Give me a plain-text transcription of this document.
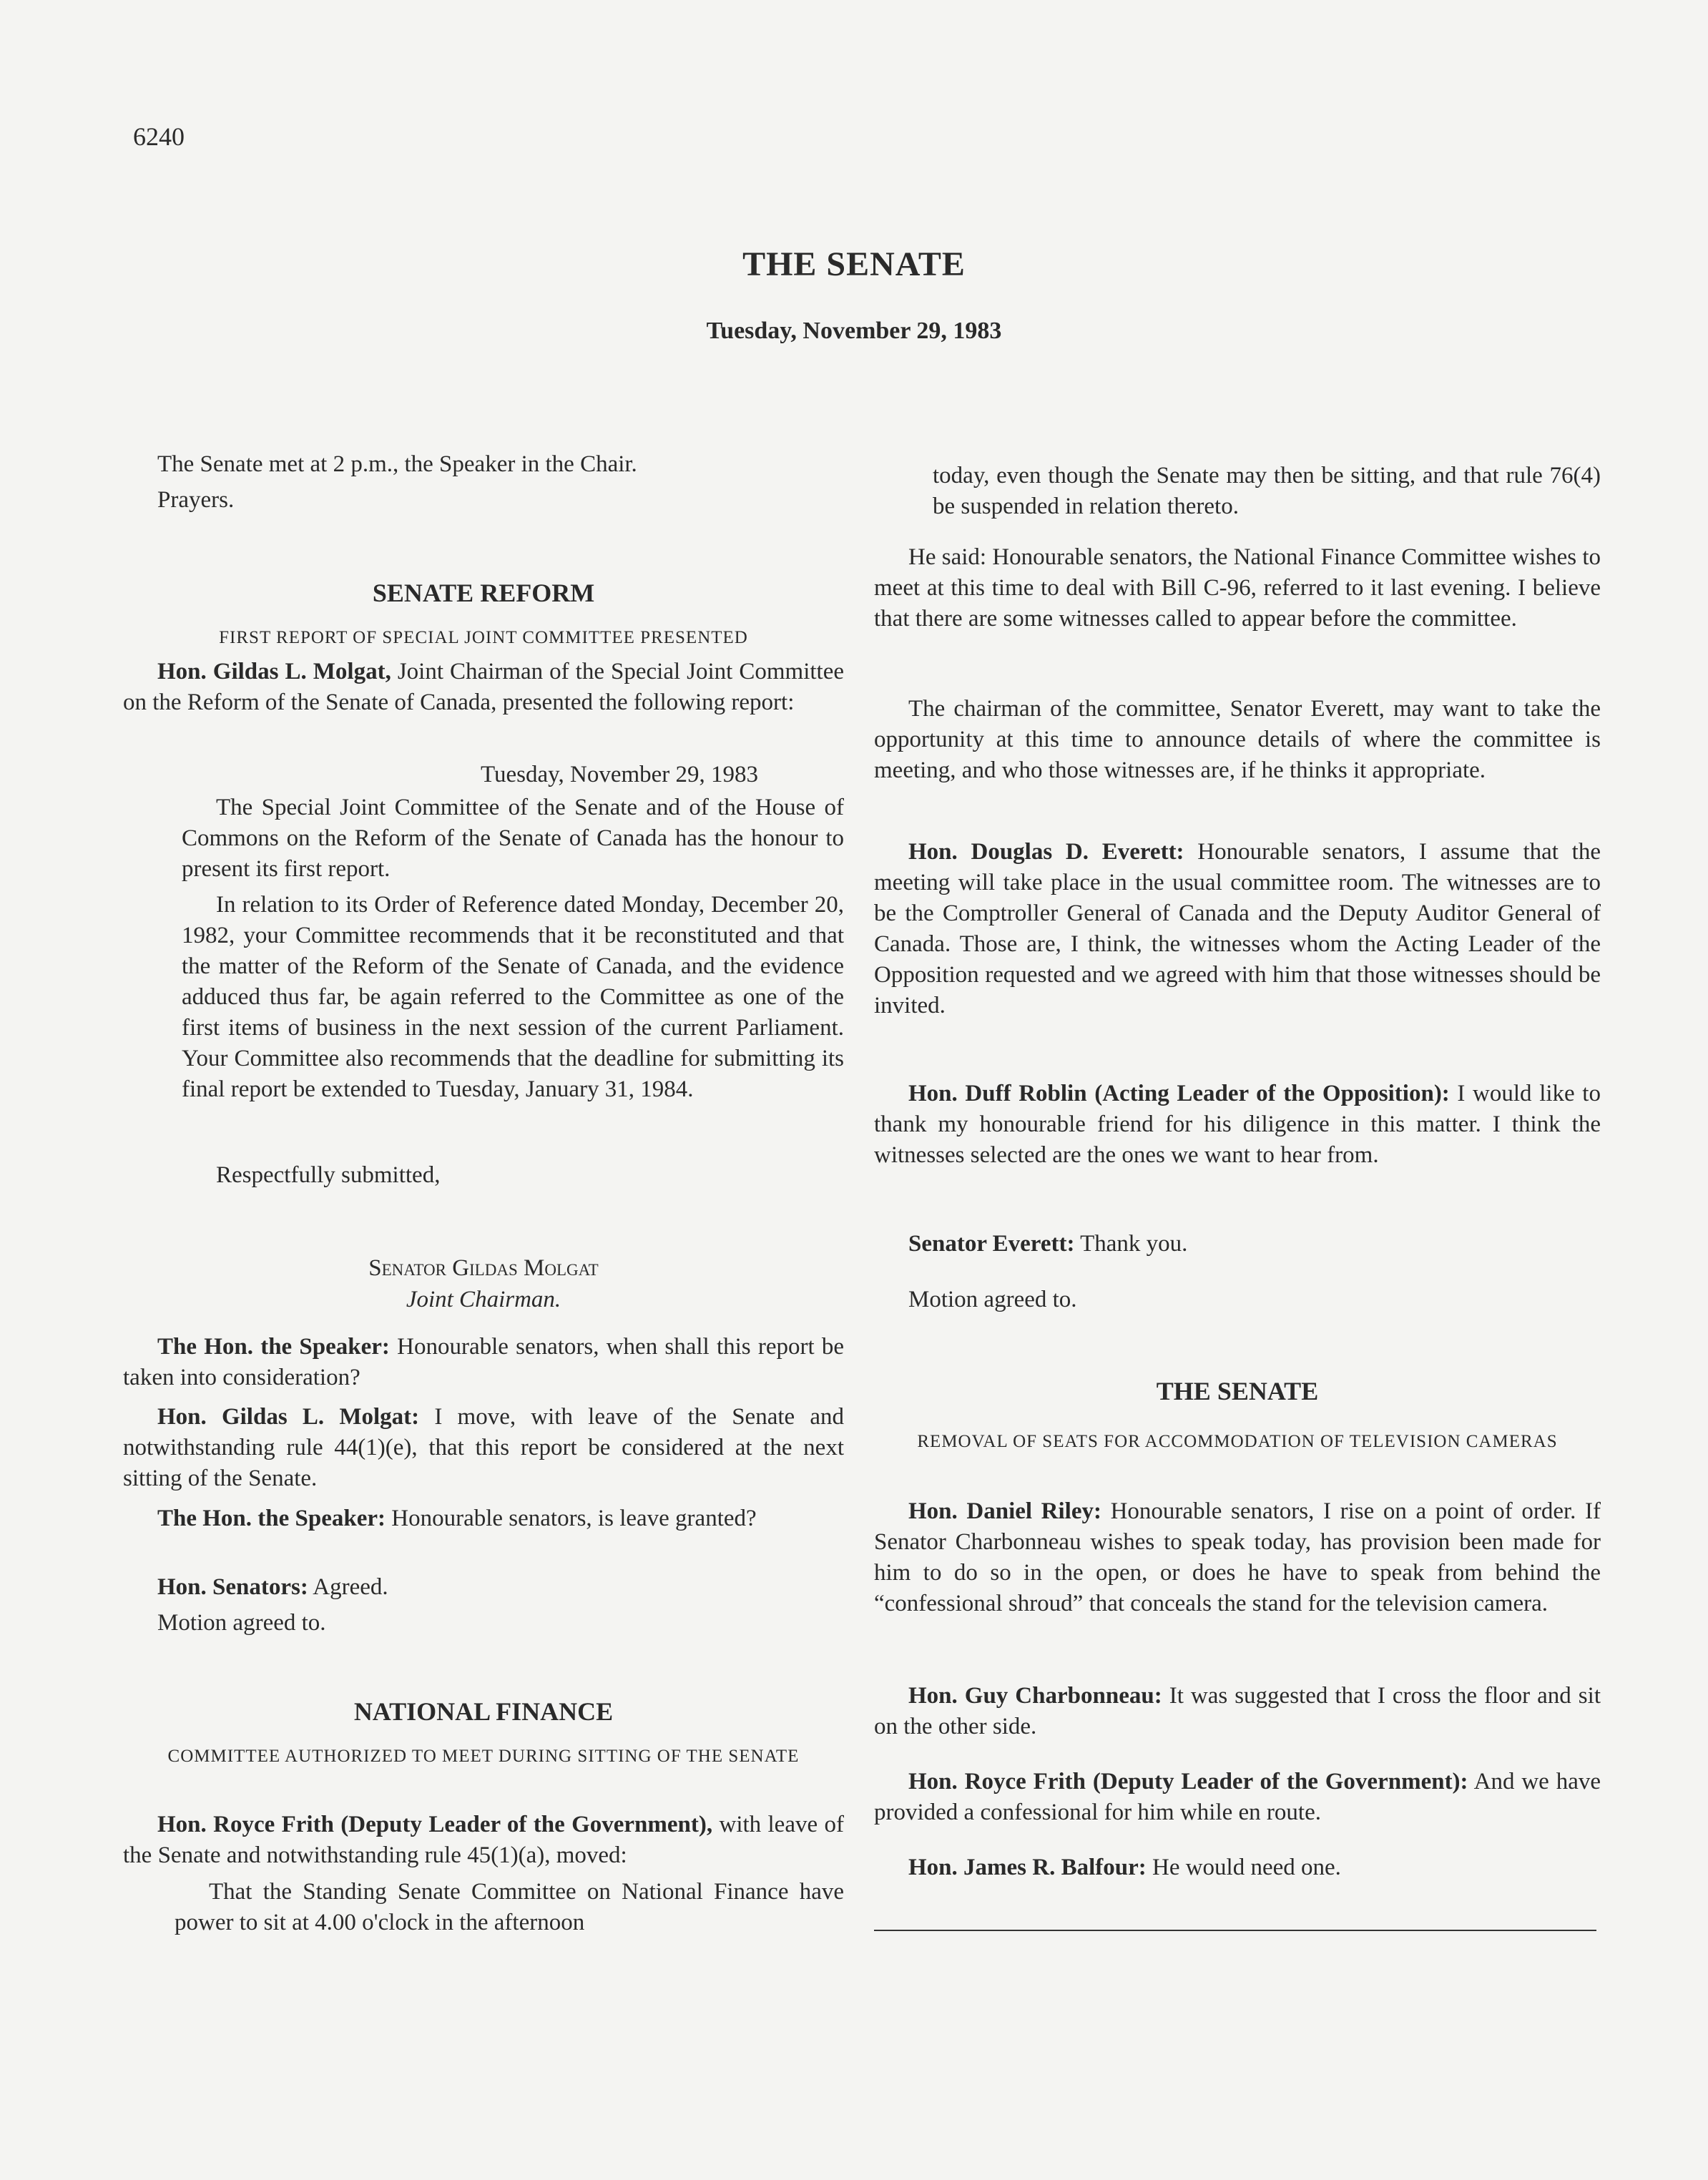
6240
THE SENATE
Tuesday, November 29, 1983

The Senate met at 2 p.m., the Speaker in the Chair.

Prayers.

SENATE REFORM
FIRST REPORT OF SPECIAL JOINT COMMITTEE PRESENTED

Hon. Gildas L. Molgat, Joint Chairman of the Special Joint Committee on the Reform of the Senate of Canada, presented the following report:

Tuesday, November 29, 1983

The Special Joint Committee of the Senate and of the House of Commons on the Reform of the Senate of Canada has the honour to present its first report.

In relation to its Order of Reference dated Monday, December 20, 1982, your Committee recommends that it be reconstituted and that the matter of the Reform of the Senate of Canada, and the evidence adduced thus far, be again referred to the Committee as one of the first items of business in the next session of the current Parliament. Your Committee also recommends that the deadline for submitting its final report be extended to Tuesday, January 31, 1984.

Respectfully submitted,

Senator Gildas Molgat
Joint Chairman.

The Hon. the Speaker: Honourable senators, when shall this report be taken into consideration?

Hon. Gildas L. Molgat: I move, with leave of the Senate and notwithstanding rule 44(1)(e), that this report be considered at the next sitting of the Senate.

The Hon. the Speaker: Honourable senators, is leave granted?

Hon. Senators: Agreed.

Motion agreed to.

NATIONAL FINANCE
COMMITTEE AUTHORIZED TO MEET DURING SITTING OF THE SENATE

Hon. Royce Frith (Deputy Leader of the Government), with leave of the Senate and notwithstanding rule 45(1)(a), moved:

That the Standing Senate Committee on National Finance have power to sit at 4.00 o'clock in the afternoon

today, even though the Senate may then be sitting, and that rule 76(4) be suspended in relation thereto.

He said: Honourable senators, the National Finance Committee wishes to meet at this time to deal with Bill C-96, referred to it last evening. I believe that there are some witnesses called to appear before the committee.

The chairman of the committee, Senator Everett, may want to take the opportunity at this time to announce details of where the committee is meeting, and who those witnesses are, if he thinks it appropriate.

Hon. Douglas D. Everett: Honourable senators, I assume that the meeting will take place in the usual committee room. The witnesses are to be the Comptroller General of Canada and the Deputy Auditor General of Canada. Those are, I think, the witnesses whom the Acting Leader of the Opposition requested and we agreed with him that those witnesses should be invited.

Hon. Duff Roblin (Acting Leader of the Opposition): I would like to thank my honourable friend for his diligence in this matter. I think the witnesses selected are the ones we want to hear from.

Senator Everett: Thank you.

Motion agreed to.

THE SENATE
REMOVAL OF SEATS FOR ACCOMMODATION OF TELEVISION CAMERAS

Hon. Daniel Riley: Honourable senators, I rise on a point of order. If Senator Charbonneau wishes to speak today, has provision been made for him to do so in the open, or does he have to speak from behind the “confessional shroud” that conceals the stand for the television camera.

Hon. Guy Charbonneau: It was suggested that I cross the floor and sit on the other side.

Hon. Royce Frith (Deputy Leader of the Government): And we have provided a confessional for him while en route.

Hon. James R. Balfour: He would need one.
